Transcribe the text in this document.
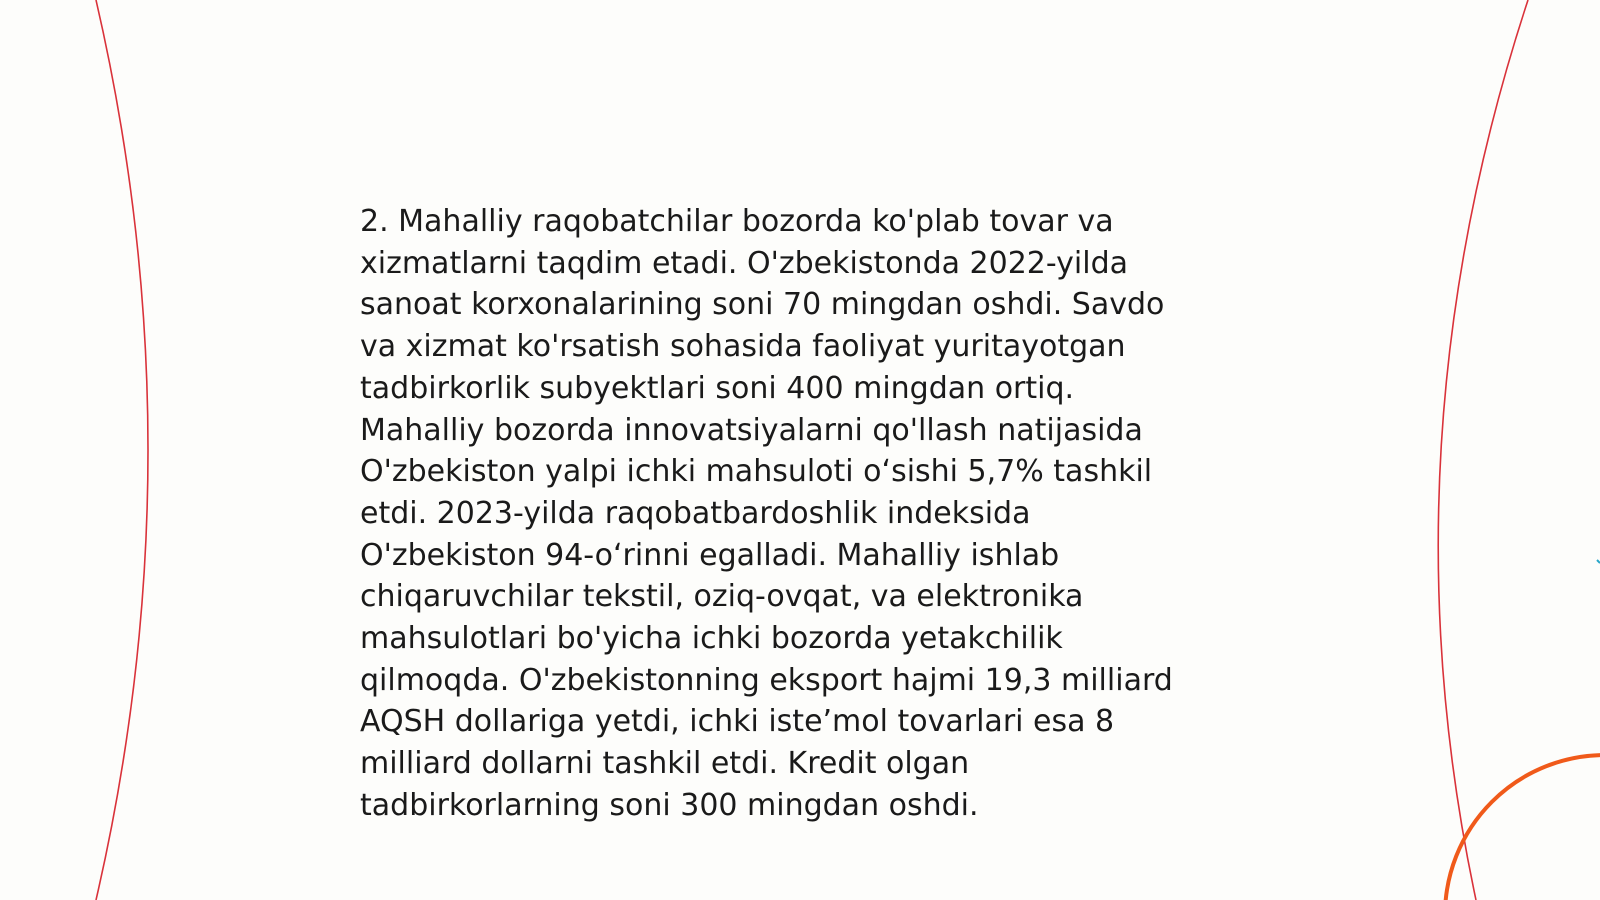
2. Mahalliy raqobatchilar bozorda ko'plab tovar va
xizmatlarni taqdim etadi. O'zbekistonda 2022-yilda
sanoat korxonalarining soni 70 mingdan oshdi. Savdo
va xizmat ko'rsatish sohasida faoliyat yuritayotgan
tadbirkorlik subyektlari soni 400 mingdan ortiq.
Mahalliy bozorda innovatsiyalarni qo'llash natijasida
O'zbekiston yalpi ichki mahsuloti oʻsishi 5,7% tashkil
etdi. 2023-yilda raqobatbardoshlik indeksida
O'zbekiston 94-oʻrinni egalladi. Mahalliy ishlab
chiqaruvchilar tekstil, oziq-ovqat, va elektronika
mahsulotlari bo'yicha ichki bozorda yetakchilik
qilmoqda. O'zbekistonning eksport hajmi 19,3 milliard
AQSH dollariga yetdi, ichki isteʼmol tovarlari esa 8
milliard dollarni tashkil etdi. Kredit olgan
tadbirkorlarning soni 300 mingdan oshdi.
